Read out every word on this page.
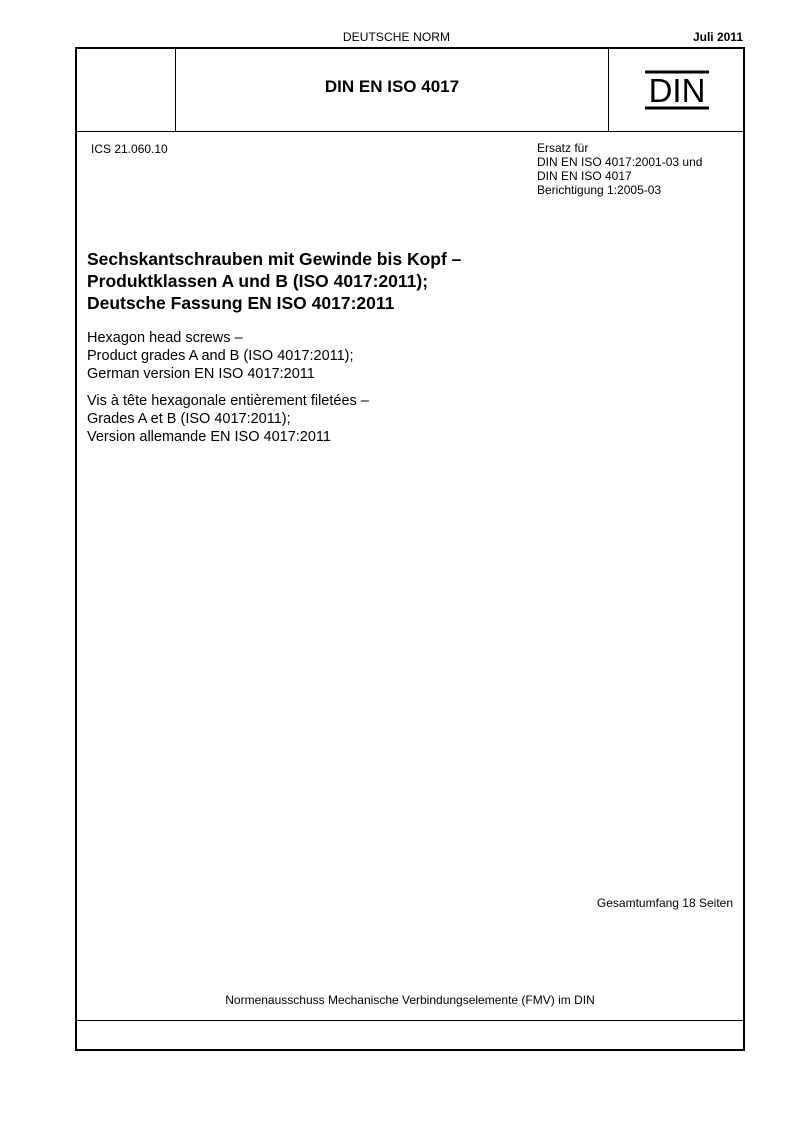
DEUTSCHE NORM	Juli 2011
DIN EN ISO 4017	DIN
ICS 21.060.10	Ersatz für
DIN EN ISO 4017:2001-03 und
DIN EN ISO 4017
Berichtigung 1:2005-03
Sechskantschrauben mit Gewinde bis Kopf –
Produktklassen A und B (ISO 4017:2011);
Deutsche Fassung EN ISO 4017:2011
Hexagon head screws –
Product grades A and B (ISO 4017:2011);
German version EN ISO 4017:2011
Vis à tête hexagonale entièrement filetées –
Grades A et B (ISO 4017:2011);
Version allemande EN ISO 4017:2011
Gesamtumfang 18 Seiten
Normenausschuss Mechanische Verbindungselemente (FMV) im DIN
